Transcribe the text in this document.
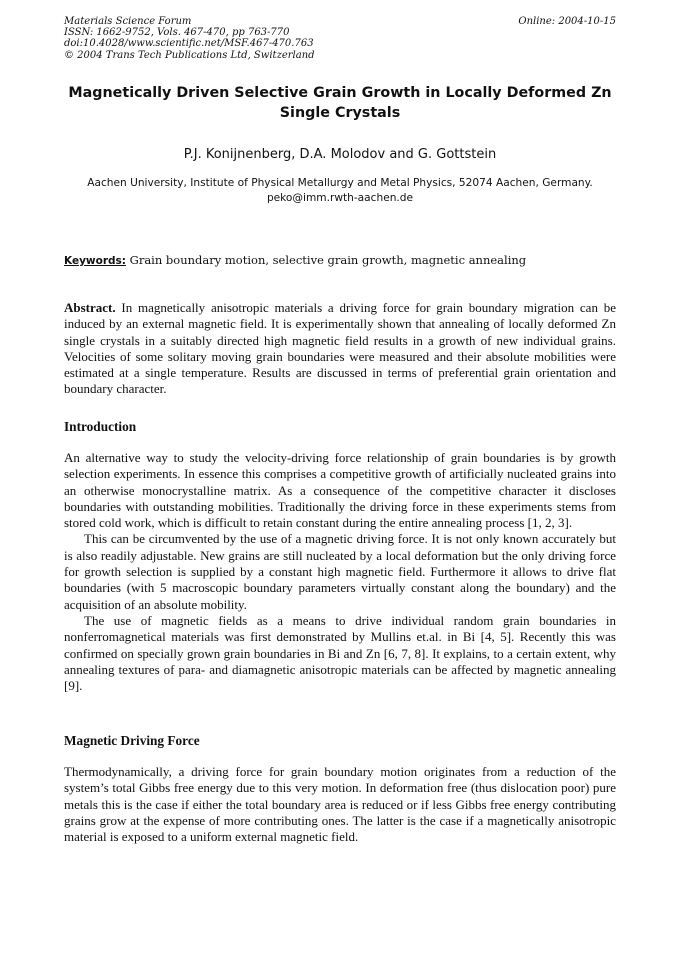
Materials Science Forum
ISSN: 1662-9752, Vols. 467-470, pp 763-770
doi:10.4028/www.scientific.net/MSF.467-470.763
© 2004 Trans Tech Publications Ltd, Switzerland
Online: 2004-10-15
Magnetically Driven Selective Grain Growth in Locally Deformed Zn Single Crystals
P.J. Konijnenberg, D.A. Molodov and G. Gottstein
Aachen University, Institute of Physical Metallurgy and Metal Physics, 52074 Aachen, Germany.
peko@imm.rwth-aachen.de
Keywords: Grain boundary motion, selective grain growth, magnetic annealing

Abstract. In magnetically anisotropic materials a driving force for grain boundary migration can be induced by an external magnetic field. It is experimentally shown that annealing of locally deformed Zn single crystals in a suitably directed high magnetic field results in a growth of new individual grains. Velocities of some solitary moving grain boundaries were measured and their absolute mobilities were estimated at a single temperature. Results are discussed in terms of preferential grain orientation and boundary character.

Introduction

An alternative way to study the velocity-driving force relationship of grain boundaries is by growth selection experiments. In essence this comprises a competitive growth of artificially nucleated grains into an otherwise monocrystalline matrix. As a consequence of the competitive character it discloses boundaries with outstanding mobilities. Traditionally the driving force in these experiments stems from stored cold work, which is difficult to retain constant during the entire annealing process [1, 2, 3].

This can be circumvented by the use of a magnetic driving force. It is not only known accurately but is also readily adjustable. New grains are still nucleated by a local deformation but the only driving force for growth selection is supplied by a constant high magnetic field. Furthermore it allows to drive flat boundaries (with 5 macroscopic boundary parameters virtually constant along the boundary) and the acquisition of an absolute mobility.

The use of magnetic fields as a means to drive individual random grain boundaries in nonferromagnetical materials was first demonstrated by Mullins et.al. in Bi [4, 5]. Recently this was confirmed on specially grown grain boundaries in Bi and Zn [6, 7, 8]. It explains, to a certain extent, why annealing textures of para- and diamagnetic anisotropic materials can be affected by magnetic annealing [9].

Magnetic Driving Force

Thermodynamically, a driving force for grain boundary motion originates from a reduction of the system’s total Gibbs free energy due to this very motion. In deformation free (thus dislocation poor) pure metals this is the case if either the total boundary area is reduced or if less Gibbs free energy contributing grains grow at the expense of more contributing ones. The latter is the case if a magnetically anisotropic material is exposed to a uniform external magnetic field.
